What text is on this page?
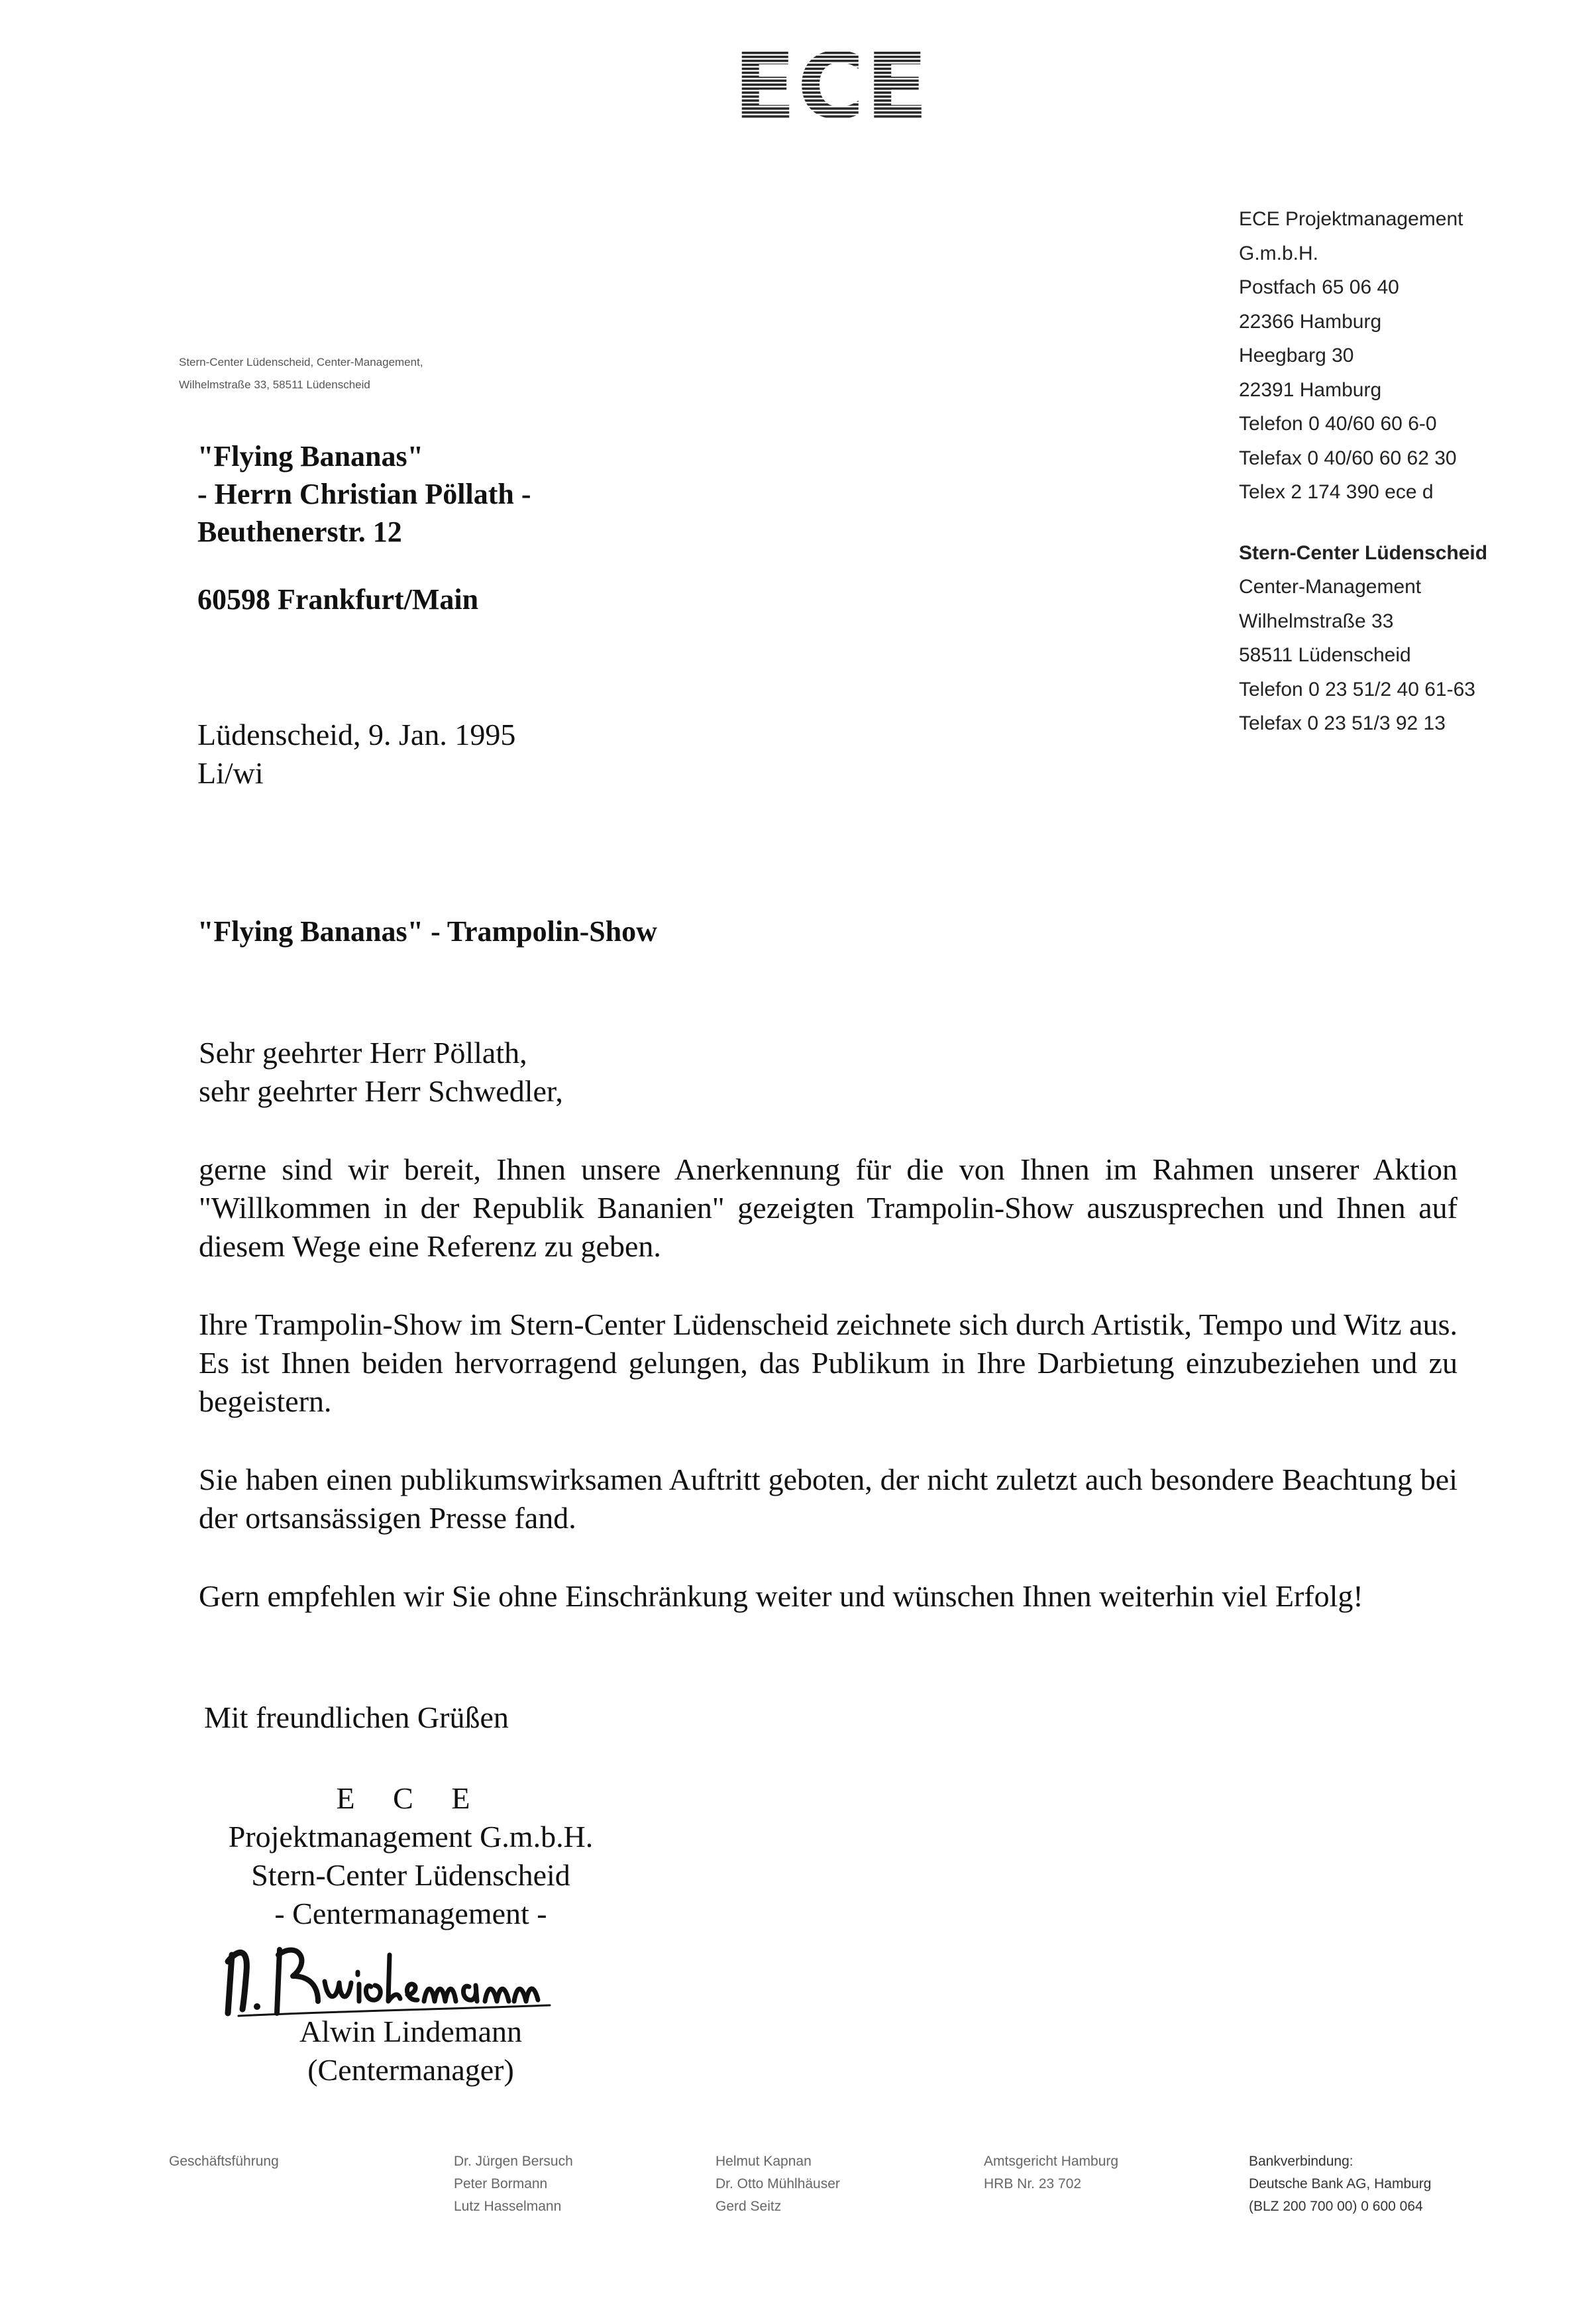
ECE
ECE Projektmanagement
G.m.b.H.
Postfach 65 06 40
22366 Hamburg
Heegbarg 30
22391 Hamburg
Telefon 0 40/60 60 6-0
Telefax 0 40/60 60 62 30
Telex 2 174 390 ece d
Stern-Center Lüdenscheid
Center-Management
Wilhelmstraße 33
58511 Lüdenscheid
Telefon 0 23 51/2 40 61-63
Telefax 0 23 51/3 92 13
Stern-Center Lüdenscheid, Center-Management,
Wilhelmstraße 33, 58511 Lüdenscheid
"Flying Bananas"
- Herrn Christian Pöllath -
Beuthenerstr. 12
60598 Frankfurt/Main
Lüdenscheid, 9. Jan. 1995
Li/wi
"Flying Bananas" - Trampolin-Show
Sehr geehrter Herr Pöllath,
sehr geehrter Herr Schwedler,

gerne sind wir bereit, Ihnen unsere Anerkennung für die von Ihnen im Rahmen unserer Aktion "Willkommen in der Republik Bananien" gezeigten Trampolin-Show auszusprechen und Ihnen auf diesem Wege eine Referenz zu geben.

Ihre Trampolin-Show im Stern-Center Lüdenscheid zeichnete sich durch Artistik, Tempo und Witz aus. Es ist Ihnen beiden hervorragend gelungen, das Publikum in Ihre Darbietung einzubeziehen und zu begeistern.

Sie haben einen publikumswirksamen Auftritt geboten, der nicht zuletzt auch besondere Beachtung bei der ortsansässigen Presse fand.

Gern empfehlen wir Sie ohne Einschränkung weiter und wünschen Ihnen weiterhin viel Erfolg!

Mit freundlichen Grüßen
E C E
Projektmanagement G.m.b.H.
Stern-Center Lüdenscheid
- Centermanagement -
Alwin Lindemann
(Centermanager)
Geschäftsführung	Dr. Jürgen Bersuch
Peter Bormann
Lutz Hasselmann
Helmut Kapnan
Dr. Otto Mühlhäuser
Gerd Seitz
Amtsgericht Hamburg
HRB Nr. 23 702
Bankverbindung:
Deutsche Bank AG, Hamburg
(BLZ 200 700 00) 0 600 064
